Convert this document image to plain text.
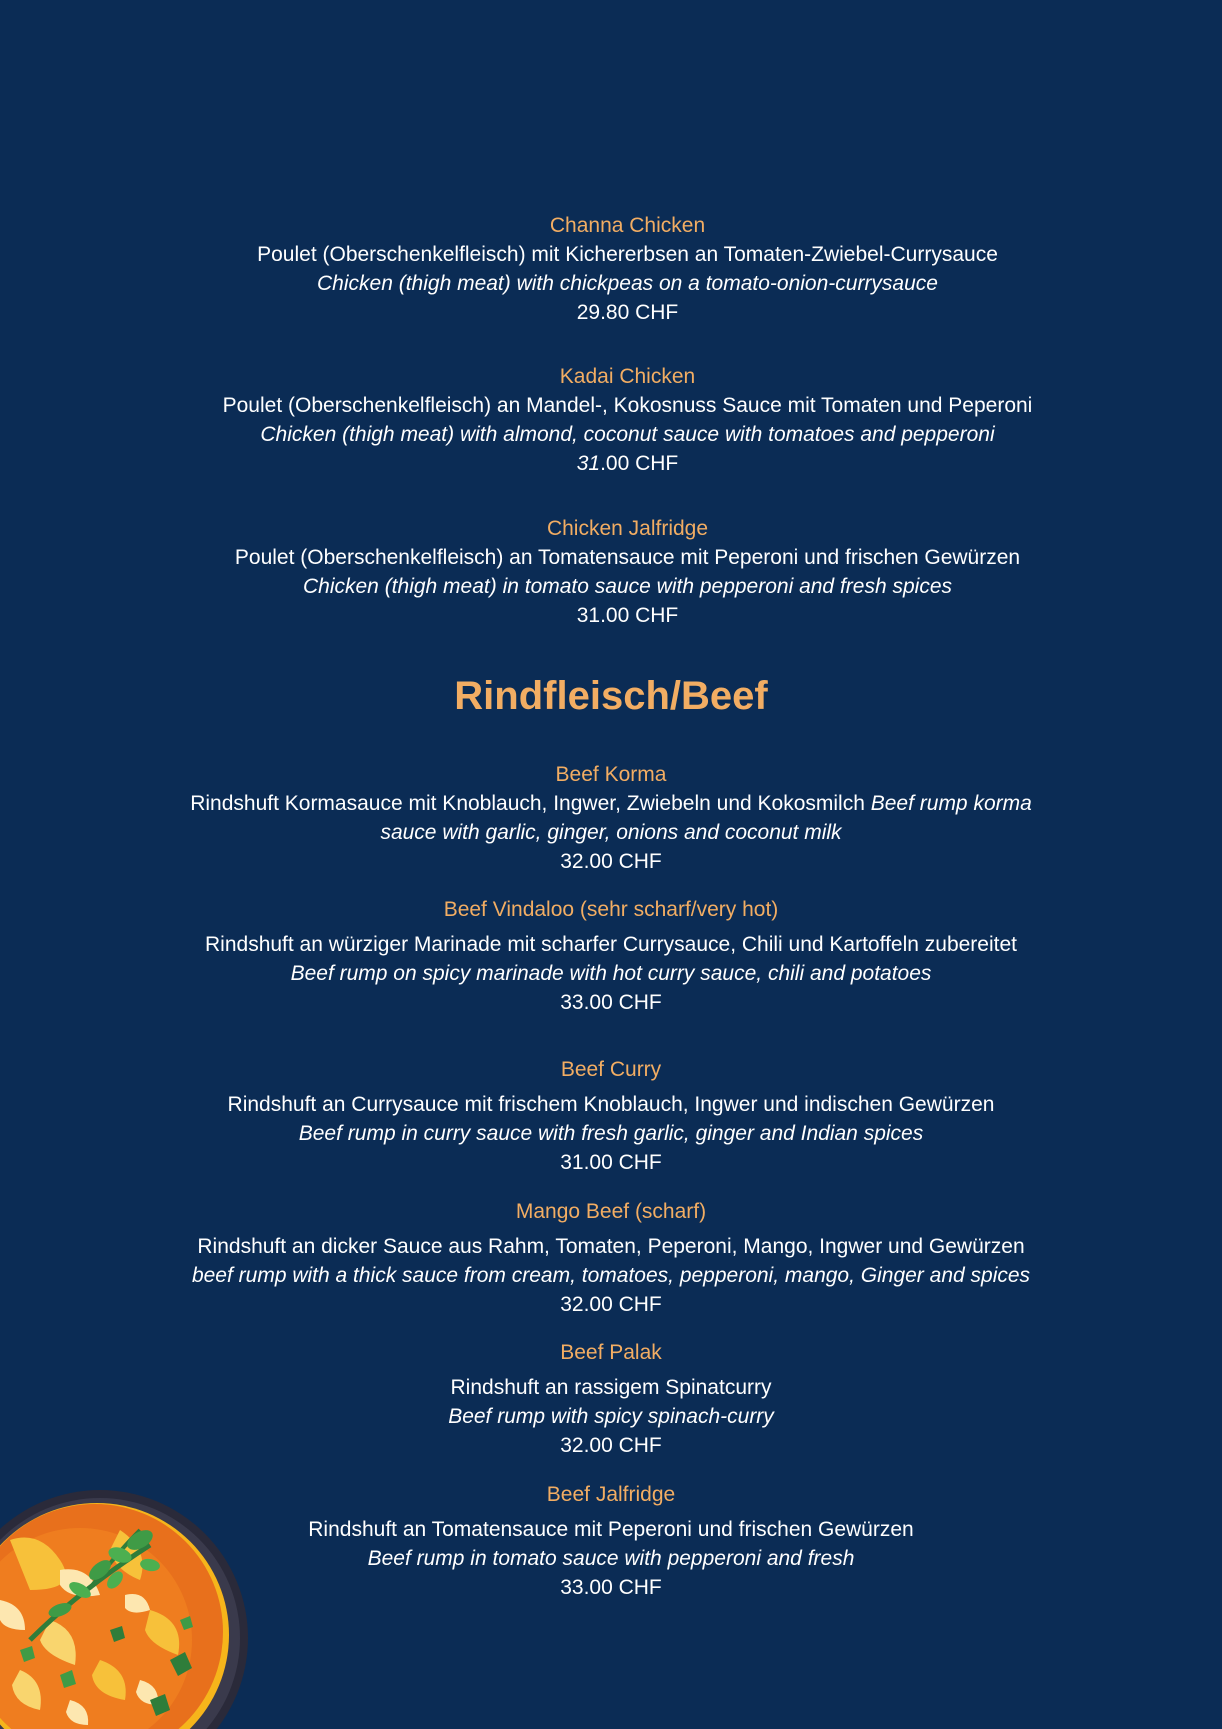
Channa Chicken
Poulet (Oberschenkelfleisch) mit Kichererbsen an Tomaten-Zwiebel-Currysauce
Chicken (thigh meat) with chickpeas on a tomato-onion-currysauce
29.80 CHF
Kadai Chicken
Poulet (Oberschenkelfleisch) an Mandel-, Kokosnuss Sauce mit Tomaten und Peperoni
Chicken (thigh meat) with almond, coconut sauce with tomatoes and pepperoni
31.00 CHF
Chicken Jalfridge
Poulet (Oberschenkelfleisch) an Tomatensauce mit Peperoni und frischen Gewürzen
Chicken (thigh meat) in tomato sauce with pepperoni and fresh spices
31.00 CHF
Rindfleisch/Beef
Beef Korma
Rindshuft Kormasauce mit Knoblauch, Ingwer, Zwiebeln und Kokosmilch Beef rump korma
sauce with garlic, ginger, onions and coconut milk
32.00 CHF
Beef Vindaloo (sehr scharf/very hot)
Rindshuft an würziger Marinade mit scharfer Currysauce, Chili und Kartoffeln zubereitet
Beef rump on spicy marinade with hot curry sauce, chili and potatoes
33.00 CHF
Beef Curry
Rindshuft an Currysauce mit frischem Knoblauch, Ingwer und indischen Gewürzen
Beef rump in curry sauce with fresh garlic, ginger and Indian spices
31.00 CHF
Mango Beef (scharf)
Rindshuft an dicker Sauce aus Rahm, Tomaten, Peperoni, Mango, Ingwer und Gewürzen
beef rump with a thick sauce from cream, tomatoes, pepperoni, mango, Ginger and spices
32.00 CHF
Beef Palak
Rindshuft an rassigem Spinatcurry
Beef rump with spicy spinach-curry
32.00 CHF
Beef Jalfridge
Rindshuft an Tomatensauce mit Peperoni und frischen Gewürzen
Beef rump in tomato sauce with pepperoni and fresh
33.00 CHF
